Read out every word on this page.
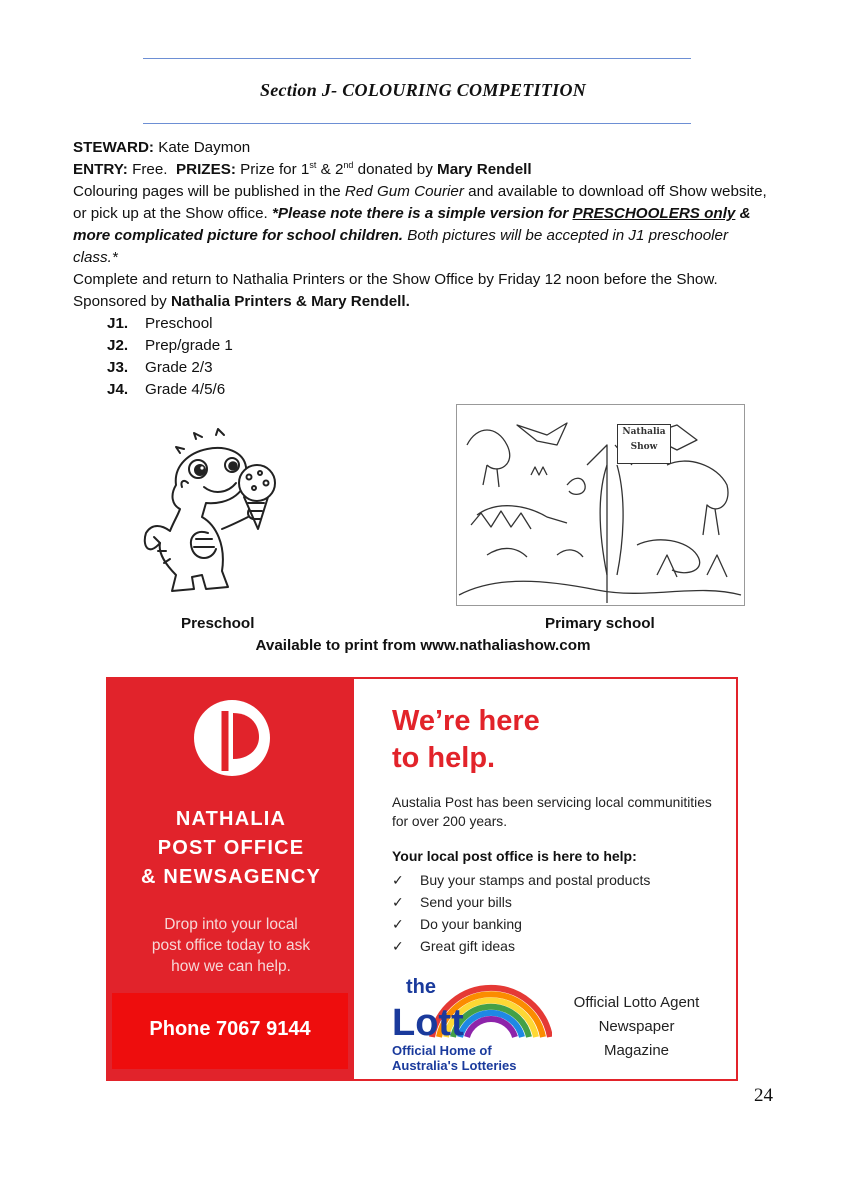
Section J- COLOURING COMPETITION

STEWARD: Kate Daymon

ENTRY: Free. PRIZES: Prize for 1st & 2nd donated by Mary Rendell

Colouring pages will be published in the Red Gum Courier and available to download off Show website, or pick up at the Show office. *Please note there is a simple version for PRESCHOOLERS only & more complicated picture for school children. Both pictures will be accepted in J1 preschooler class.*

Complete and return to Nathalia Printers or the Show Office by Friday 12 noon before the Show. Sponsored by Nathalia Printers & Mary Rendell.

J1. Preschool
J2. Prep/grade 1
J3. Grade 2/3
J4. Grade 4/5/6
Nathalia
Show
Preschool	Primary school
Available to print from www.nathaliashow.com
NATHALIA
POST OFFICE
& NEWSAGENCY
Drop into your local
post office today to ask
how we can help.
Phone 7067 9144
We’re here
to help.
Austalia Post has been servicing local communitities for over 200 years.
Your local post office is here to help:
✓ Buy your stamps and postal products
✓ Send your bills
✓ Do your banking
✓ Great gift ideas
the
Lott
Official Home of
Australia's Lotteries
Official Lotto Agent
Newspaper
Magazine
24
